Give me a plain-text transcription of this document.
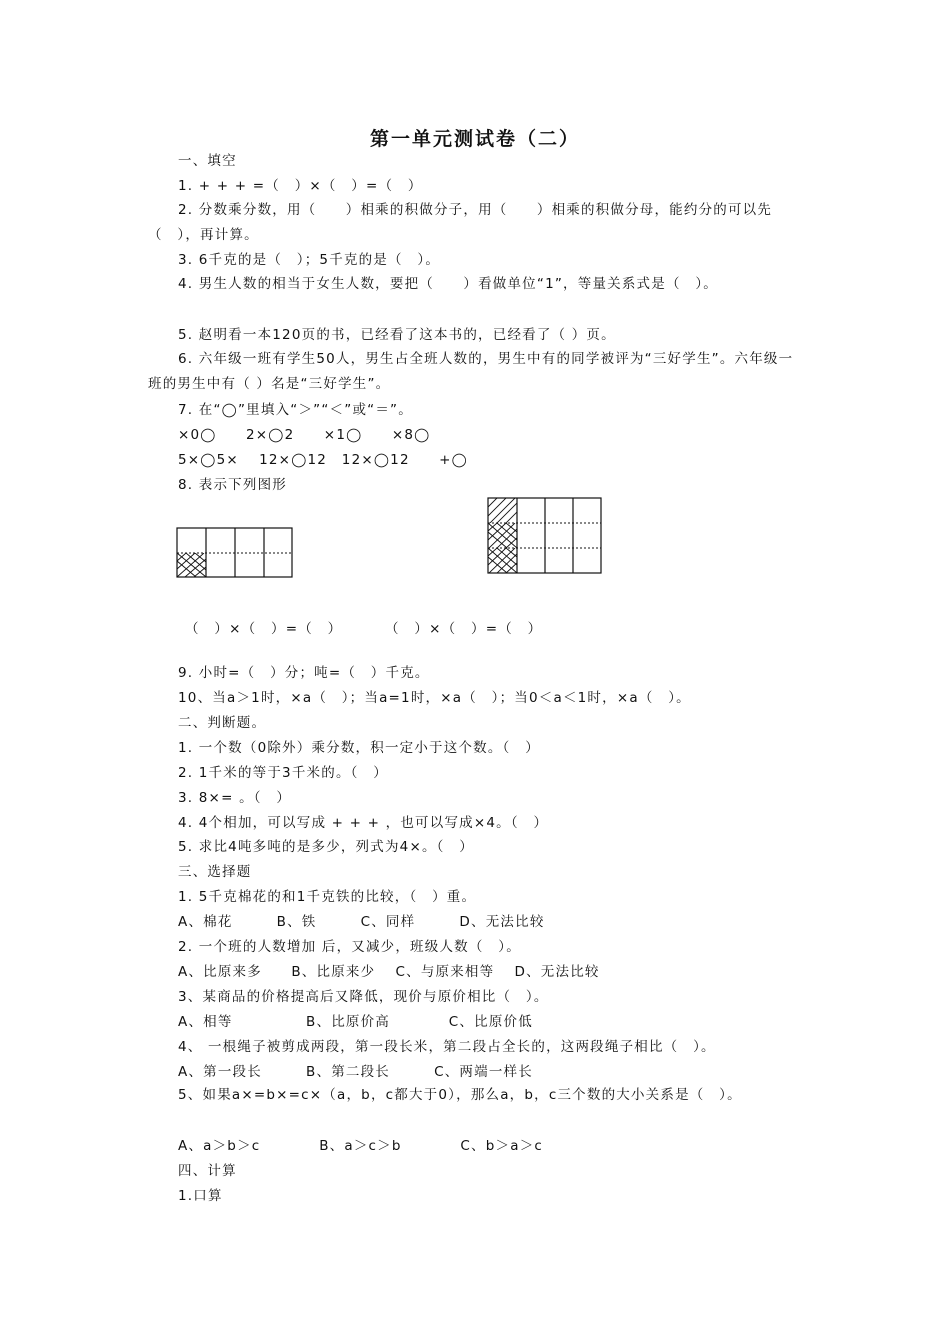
第一单元测试卷（二）
一、填空
1. + + + =（　）×（　）=（　）
2. 分数乘分数，用（　　）相乘的积做分子，用（　　）相乘的积做分母，能约分的可以先（　），再计算。
3. 6千克的是（　）；5千克的是（　）。
4. 男生人数的相当于女生人数，要把（　　）看做单位“1”，等量关系式是（　）。
5. 赵明看一本120页的书，已经看了这本书的，已经看了（ ）页。
6. 六年级一班有学生50人，男生占全班人数的，男生中有的同学被评为“三好学生”。六年级一班的男生中有（ ）名是“三好学生”。
7. 在“◯”里填入“＞”“＜”或“＝”。
×0◯　　2×◯2　　×1◯　　×8◯
5×◯5×　 12×◯12　12×◯12　　+◯
8. 表示下列图形
（　）×（　）=（　）	（　）×（　）=（　）
9. 小时=（　）分；吨=（　）千克。
10、当a＞1时，×a（　）；当a=1时，×a（　）；当0＜a＜1时，×a（　）。
二、判断题。
1. 一个数（0除外）乘分数，积一定小于这个数。（　）
2. 1千米的等于3千米的。（　）
3. 8×= 。（　）
4. 4个相加，可以写成 + + + ，也可以写成×4。（　）
5. 求比4吨多吨的是多少，列式为4×。（　）
三、选择题
1. 5千克棉花的和1千克铁的比较，（　）重。
A、棉花　　　B、铁　　　C、同样　　　D、无法比较
2. 一个班的人数增加 后，又减少，班级人数（　）。
A、比原来多　　B、比原来少　 C、与原来相等　 D、无法比较
3、某商品的价格提高后又降低，现价与原价相比（　）。
A、相等　　　　　B、比原价高　　　　C、比原价低
4、 一根绳子被剪成两段，第一段长米，第二段占全长的，这两段绳子相比（　）。
A、第一段长　　　B、第二段长　　　C、两端一样长
5、如果a×=b×=c×（a，b，c都大于0），那么a，b，c三个数的大小关系是（　）。
A、a＞b＞c　　　　B、a＞c＞b　　　　C、b＞a＞c
四、计算
1.口算
